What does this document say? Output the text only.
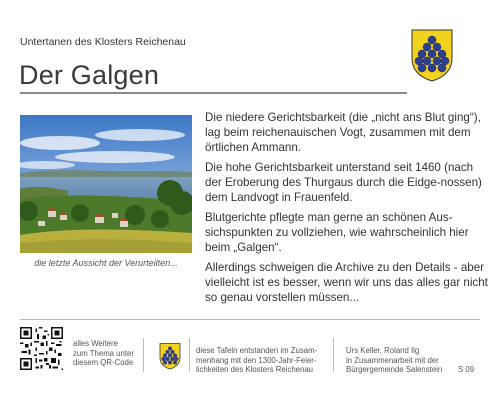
Untertanen des Klosters Reichenau
Der Galgen
die letzte Aussicht der Verurteilten...

Die niedere Gerichtsbarkeit (die „nicht ans Blut ging“), lag beim reichenauischen Vogt, zusammen mit dem örtlichen Ammann.

Die hohe Gerichtsbarkeit unterstand seit 1460 (nach der Eroberung des Thurgaus durch die Eidge-nossen) dem Landvogt in Frauenfeld.

Blutgerichte pflegte man gerne an schönen Aus-sichspunkten zu vollziehen, wie wahrscheinlich hier beim „Galgen“.

Allerdings schweigen die Archive zu den Details - aber vielleicht ist es besser, wenn wir uns das alles gar nicht so genau vorstellen müssen...

alles Weitere
zum Thema unter
diesem QR-Code
diese Tafeln entstanden im Zusam-
menhang mit den 1300-Jahr-Feier-
lichkeiten des Klosters Reichenau
Urs Keller, Roland Ilg
in Zusammenarbeit mit der
Bürgergemeinde Salenstein S 09
